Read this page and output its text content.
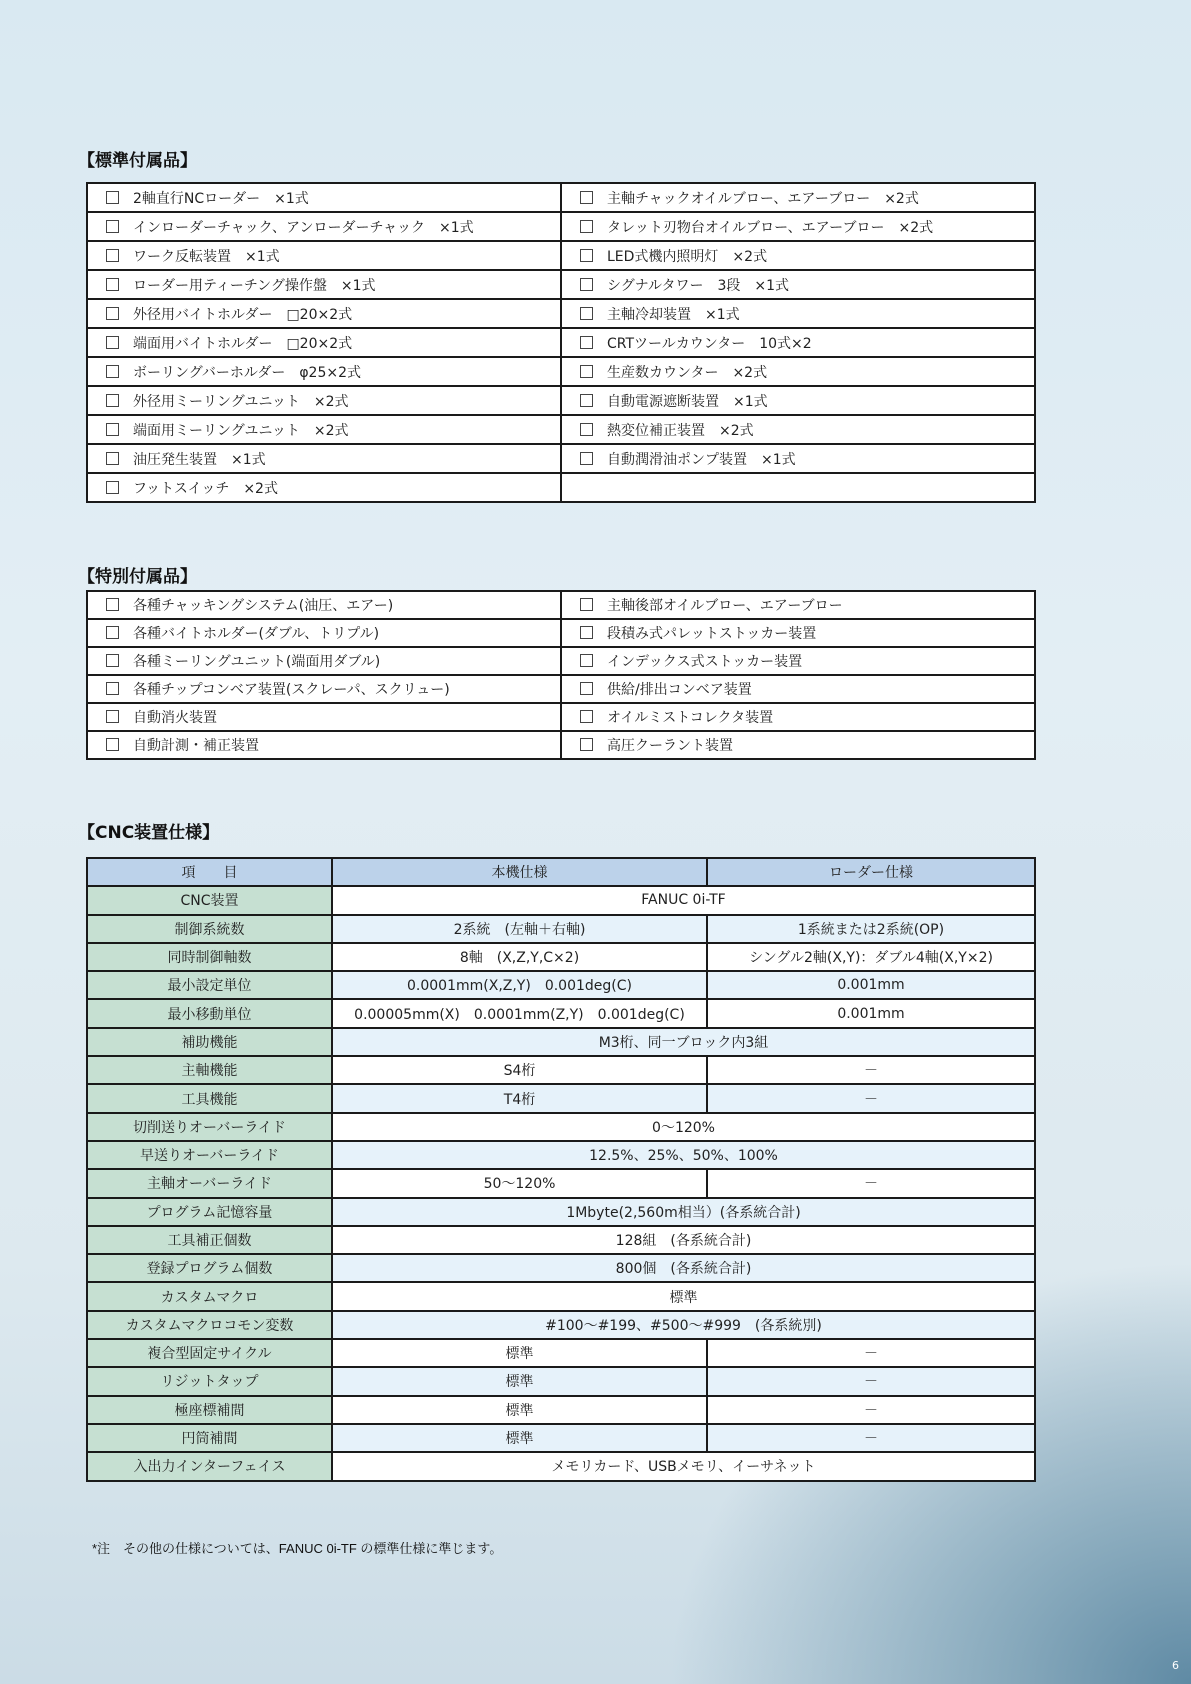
【標準付属品】
2軸直行NCローダー　×1式	主軸チャックオイルブロー、エアーブロー　×2式
インローダーチャック、アンローダーチャック　×1式	タレット刃物台オイルブロー、エアーブロー　×2式
ワーク反転装置　×1式	LED式機内照明灯　×2式
ローダー用ティーチング操作盤　×1式	シグナルタワー　3段　×1式
外径用バイトホルダー　□20×2式	主軸冷却装置　×1式
端面用バイトホルダー　□20×2式	CRTツールカウンター　10式×2
ボーリングバーホルダー　φ25×2式	生産数カウンター　×2式
外径用ミーリングユニット　×2式	自動電源遮断装置　×1式
端面用ミーリングユニット　×2式	熱変位補正装置　×2式
油圧発生装置　×1式	自動潤滑油ポンプ装置　×1式
フットスイッチ　×2式	
【特別付属品】
各種チャッキングシステム(油圧、エアー)	主軸後部オイルブロー、エアーブロー
各種バイトホルダー(ダブル、トリプル)	段積み式パレットストッカー装置
各種ミーリングユニット(端面用ダブル)	インデックス式ストッカー装置
各種チップコンベア装置(スクレーパ、スクリュー)	供給/排出コンベア装置
自動消火装置	オイルミストコレクタ装置
自動計測・補正装置	高圧クーラント装置
【CNC装置仕様】
項　　目	本機仕様	ローダー仕様
CNC装置	FANUC 0i-TF	
制御系統数	2系統　(左軸＋右軸)	1系統または2系統(OP)
同時制御軸数	8軸　(X,Z,Y,C×2)	シングル2軸(X,Y)：ダブル4軸(X,Y×2)
最小設定単位	0.0001mm(X,Z,Y)　0.001deg(C)	0.001mm
最小移動単位	0.00005mm(X)　0.0001mm(Z,Y)　0.001deg(C)	0.001mm
補助機能	M3桁、同一ブロック内3組	
主軸機能	S4桁	－
工具機能	T4桁	－
切削送りオーバーライド	0～120%	
早送りオーバーライド	12.5%、25%、50%、100%	
主軸オーバーライド	50～120%	－
プログラム記憶容量	1Mbyte(2,560m相当）(各系統合計)	
工具補正個数	128組　(各系統合計)	
登録プログラム個数	800個　(各系統合計)	
カスタムマクロ	標準	
カスタムマクロコモン変数	#100～#199、#500～#999　(各系統別)	
複合型固定サイクル	標準	－
リジットタップ	標準	－
極座標補間	標準	－
円筒補間	標準	－
入出力インターフェイス	メモリカード、USBメモリ、イーサネット	
*注　その他の仕様については、FANUC 0i-TF の標準仕様に準じます。
6
